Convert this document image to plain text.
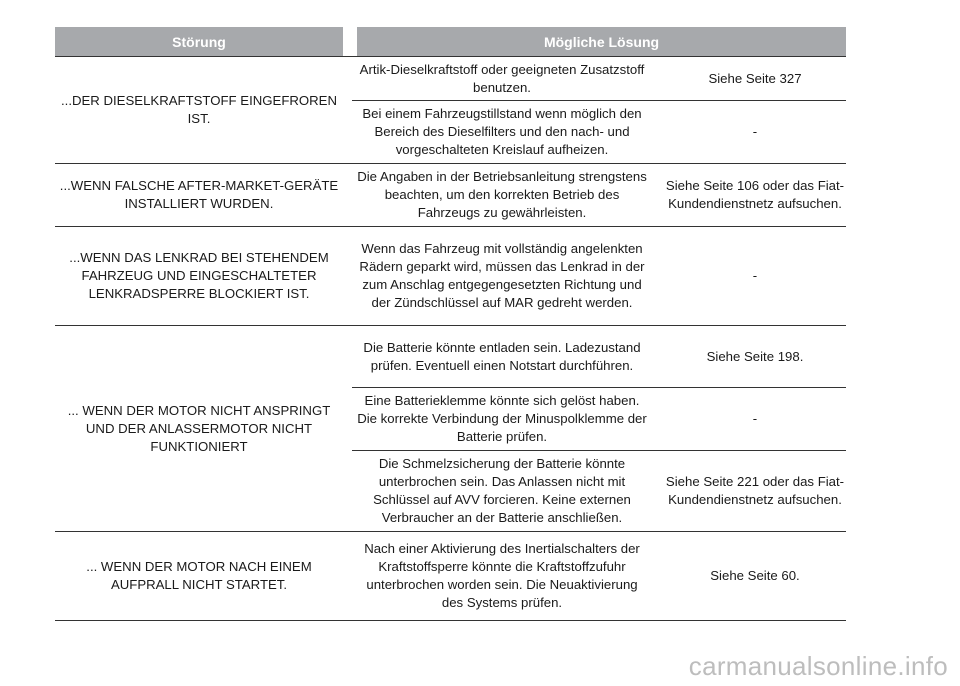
Störung	Mögliche Lösung
...DER DIESELKRAFTSTOFF EINGEFROREN IST.
Artik-Dieselkraftstoff oder geeigneten Zusatzstoff benutzen.
Siehe Seite 327
Bei einem Fahrzeugstillstand wenn möglich den Bereich des Dieselfilters und den nach- und vorgeschalteten Kreislauf aufheizen.
-
...WENN FALSCHE AFTER-MARKET-GERÄTE INSTALLIERT WURDEN.
Die Angaben in der Betriebsanleitung strengstens beachten, um den korrekten Betrieb des Fahrzeugs zu gewährleisten.
Siehe Seite 106 oder das Fiat-Kundendienstnetz aufsuchen.
...WENN DAS LENKRAD BEI STEHENDEM FAHRZEUG UND EINGESCHALTETER LENKRADSPERRE BLOCKIERT IST.
Wenn das Fahrzeug mit vollständig angelenkten Rädern geparkt wird, müssen das Lenkrad in der zum Anschlag entgegengesetzten Richtung und der Zündschlüssel auf MAR gedreht werden.
-
... WENN DER MOTOR NICHT ANSPRINGT UND DER ANLASSERMOTOR NICHT FUNKTIONIERT
Die Batterie könnte entladen sein. Ladezustand prüfen. Eventuell einen Notstart durchführen.
Siehe Seite 198.
Eine Batterieklemme könnte sich gelöst haben. Die korrekte Verbindung der Minuspolklemme der Batterie prüfen.
-
Die Schmelzsicherung der Batterie könnte unterbrochen sein. Das Anlassen nicht mit Schlüssel auf AVV forcieren. Keine externen Verbraucher an der Batterie anschließen.
Siehe Seite 221 oder das Fiat-Kundendienstnetz aufsuchen.
... WENN DER MOTOR NACH EINEM AUFPRALL NICHT STARTET.
Nach einer Aktivierung des Inertialschalters der Kraftstoffsperre könnte die Kraftstoffzufuhr unterbrochen worden sein. Die Neuaktivierung des Systems prüfen.
Siehe Seite 60.
carmanualsonline.info
